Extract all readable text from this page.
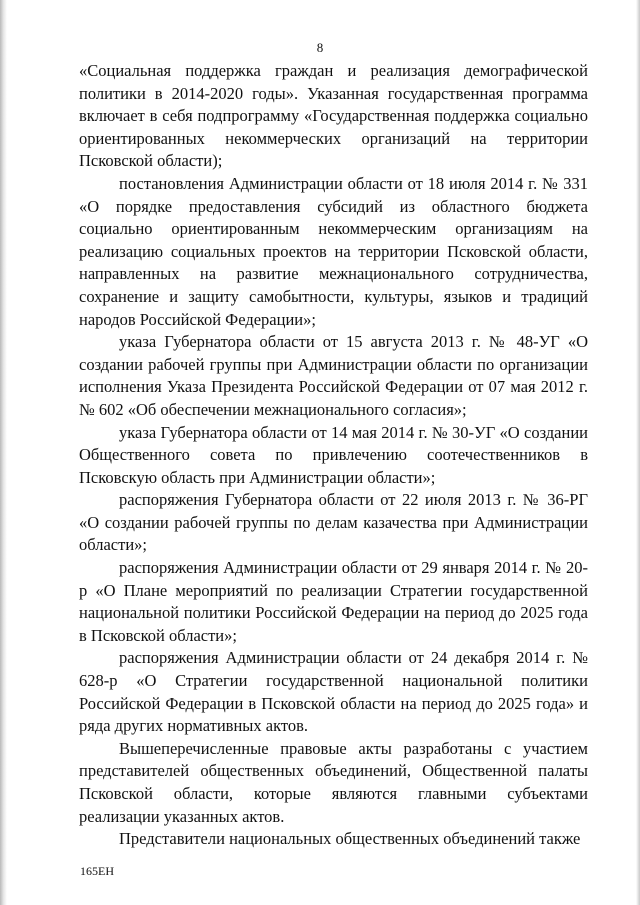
8

«Социальная поддержка граждан и реализация демографической политики в 2014-2020 годы». Указанная государственная программа включает в себя подпрограмму «Государственная поддержка социально ориентированных некоммерческих организаций на территории Псковской области);

постановления Администрации области от 18 июля 2014 г. № 331 «О порядке предоставления субсидий из областного бюджета социально ориентированным некоммерческим организациям на реализацию социальных проектов на территории Псковской области, направленных на развитие межнационального сотрудничества, сохранение и защиту самобытности, культуры, языков и традиций народов Российской Федерации»;

указа Губернатора области от 15 августа 2013 г. № 48-УГ «О создании рабочей группы при Администрации области по организации исполнения Указа Президента Российской Федерации от 07 мая 2012 г. № 602 «Об обеспечении межнационального согласия»;

указа Губернатора области от 14 мая 2014 г. № 30-УГ «О создании Общественного совета по привлечению соотечественников в Псковскую область при Администрации области»;

распоряжения Губернатора области от 22 июля 2013 г. № 36-РГ «О создании рабочей группы по делам казачества при Администрации области»;

распоряжения Администрации области от 29 января 2014 г. № 20-р «О Плане мероприятий по реализации Стратегии государственной национальной политики Российской Федерации на период до 2025 года в Псковской области»;

распоряжения Администрации области от 24 декабря 2014 г. № 628-р «О Стратегии государственной национальной политики Российской Федерации в Псковской области на период до 2025 года» и ряда других нормативных актов.

Вышеперечисленные правовые акты разработаны с участием представителей общественных объединений, Общественной палаты Псковской области, которые являются главными субъектами реализации указанных актов.

Представители национальных общественных объединений также

165ЕН
